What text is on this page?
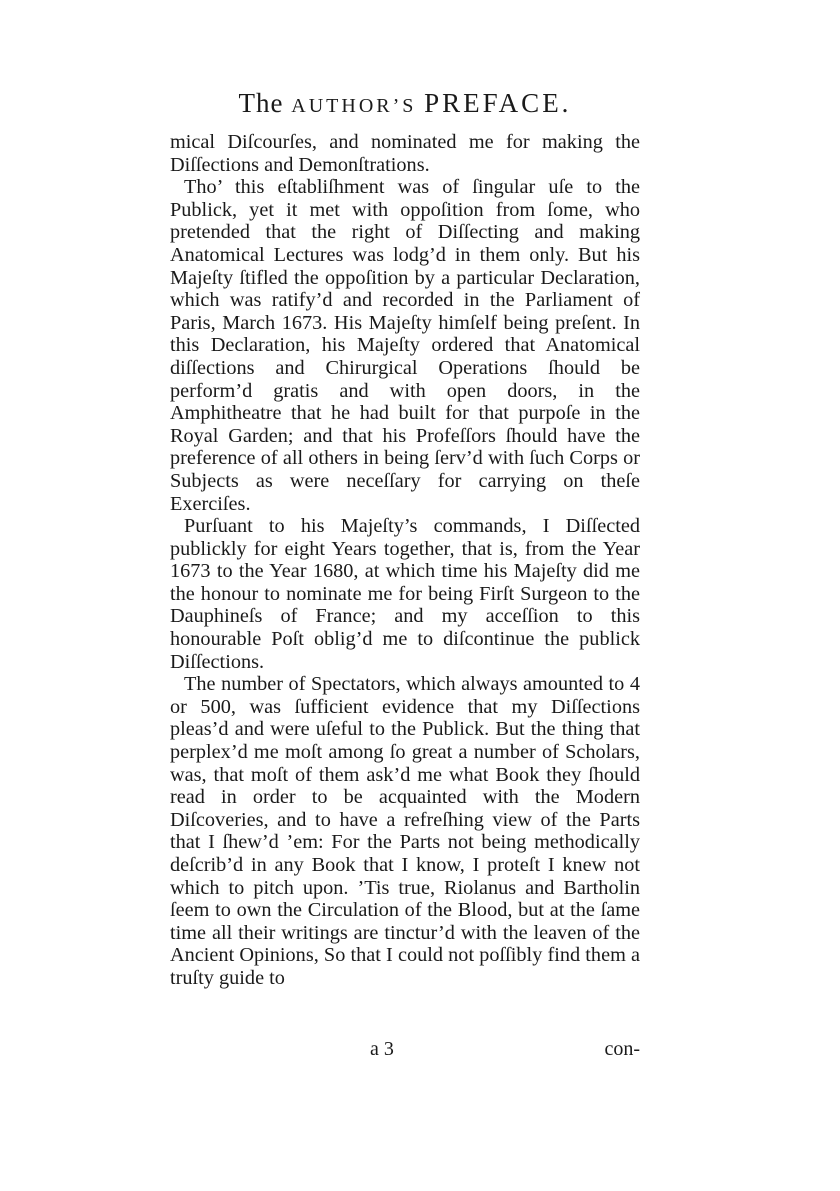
The AUTHOR’S PREFACE.

mical Diſcourſes, and nominated me for making the Diſſections and Demonſtrations.

Tho’ this eſtabliſhment was of ſingular uſe to the Publick, yet it met with oppoſition from ſome, who pretended that the right of Diſſecting and making Anatomical Lectures was lodg’d in them only. But his Majeſty ſtifled the oppoſition by a particular Declaration, which was ratify’d and recorded in the Parliament of Paris, March 1673. His Majeſty himſelf being preſent. In this Declaration, his Majeſty ordered that Anatomical diſſections and Chirurgical Operations ſhould be perform’d gratis and with open doors, in the Amphitheatre that he had built for that purpoſe in the Royal Garden; and that his Profeſſors ſhould have the preference of all others in being ſerv’d with ſuch Corps or Subjects as were neceſſary for carrying on theſe Exerciſes.

Purſuant to his Majeſty’s commands, I Diſſected publickly for eight Years together, that is, from the Year 1673 to the Year 1680, at which time his Majeſty did me the honour to nominate me for being Firſt Surgeon to the Dauphineſs of France; and my acceſſion to this honourable Poſt oblig’d me to diſcontinue the publick Diſſections.

The number of Spectators, which always amounted to 4 or 500, was ſufficient evidence that my Diſſections pleas’d and were uſeful to the Publick. But the thing that perplex’d me moſt among ſo great a number of Scholars, was, that moſt of them ask’d me what Book they ſhould read in order to be acquainted with the Modern Diſcoveries, and to have a refreſhing view of the Parts that I ſhew’d ’em: For the Parts not being methodically deſcrib’d in any Book that I know, I proteſt I knew not which to pitch upon. ’Tis true, Riolanus and Bartholin ſeem to own the Circulation of the Blood, but at the ſame time all their writings are tinctur’d with the leaven of the Ancient Opinions, So that I could not poſſibly find them a truſty guide to

a 3	con-
